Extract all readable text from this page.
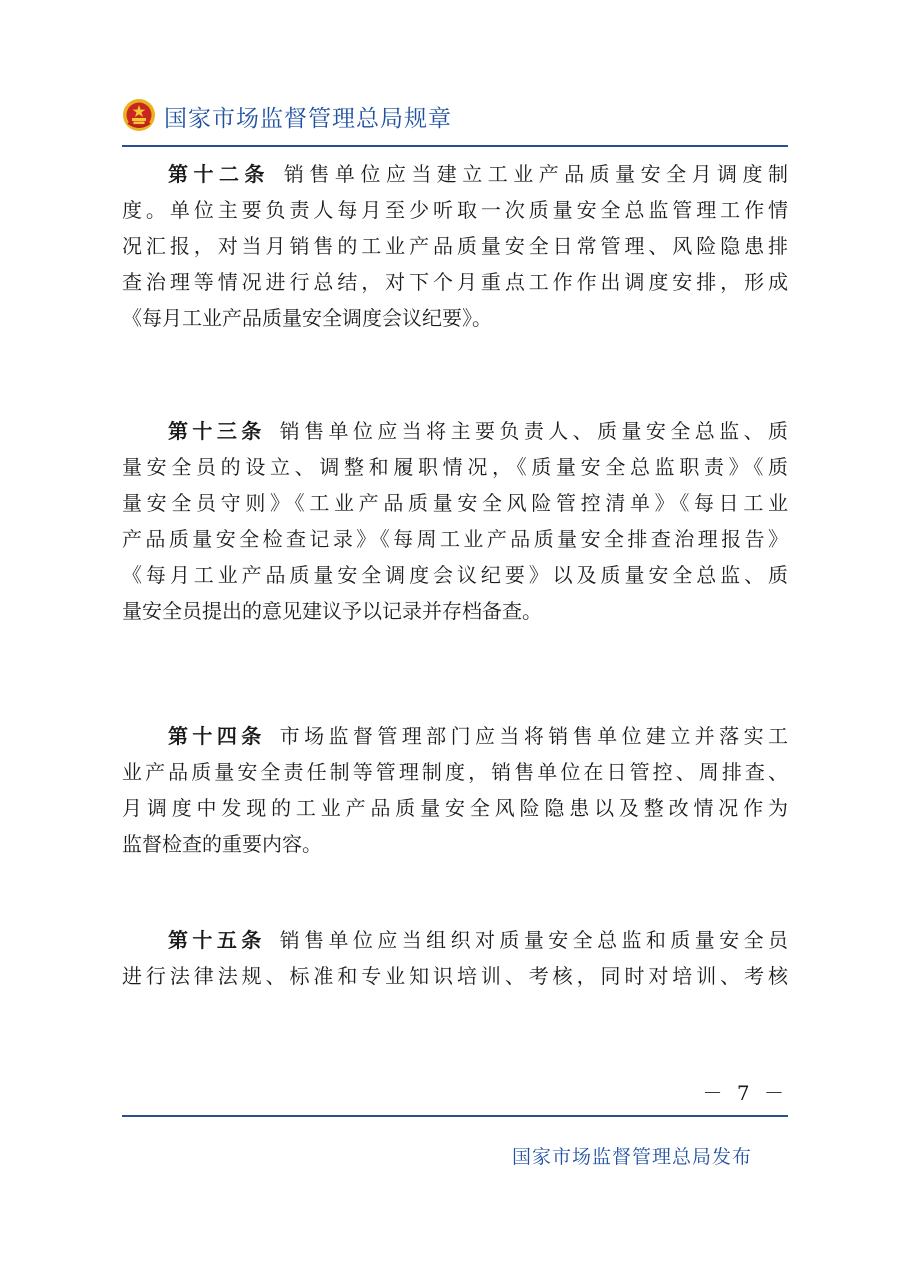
国家市场监督管理总局规章
第十二条 销售单位应当建立工业产品质量安全月调度制
度。单位主要负责人每月至少听取一次质量安全总监管理工作情
况汇报，对当月销售的工业产品质量安全日常管理、风险隐患排
查治理等情况进行总结，对下个月重点工作作出调度安排，形成
《每月工业产品质量安全调度会议纪要》。
第十三条 销售单位应当将主要负责人、质量安全总监、质
量安全员的设立、调整和履职情况，《质量安全总监职责》《质
量安全员守则》《工业产品质量安全风险管控清单》《每日工业
产品质量安全检查记录》《每周工业产品质量安全排查治理报告》
《每月工业产品质量安全调度会议纪要》以及质量安全总监、质
量安全员提出的意见建议予以记录并存档备查。
第十四条 市场监督管理部门应当将销售单位建立并落实工
业产品质量安全责任制等管理制度，销售单位在日管控、周排查、
月调度中发现的工业产品质量安全风险隐患以及整改情况作为
监督检查的重要内容。
第十五条 销售单位应当组织对质量安全总监和质量安全员
进行法律法规、标准和专业知识培训、考核，同时对培训、考核
－ 7 －
国家市场监督管理总局发布
